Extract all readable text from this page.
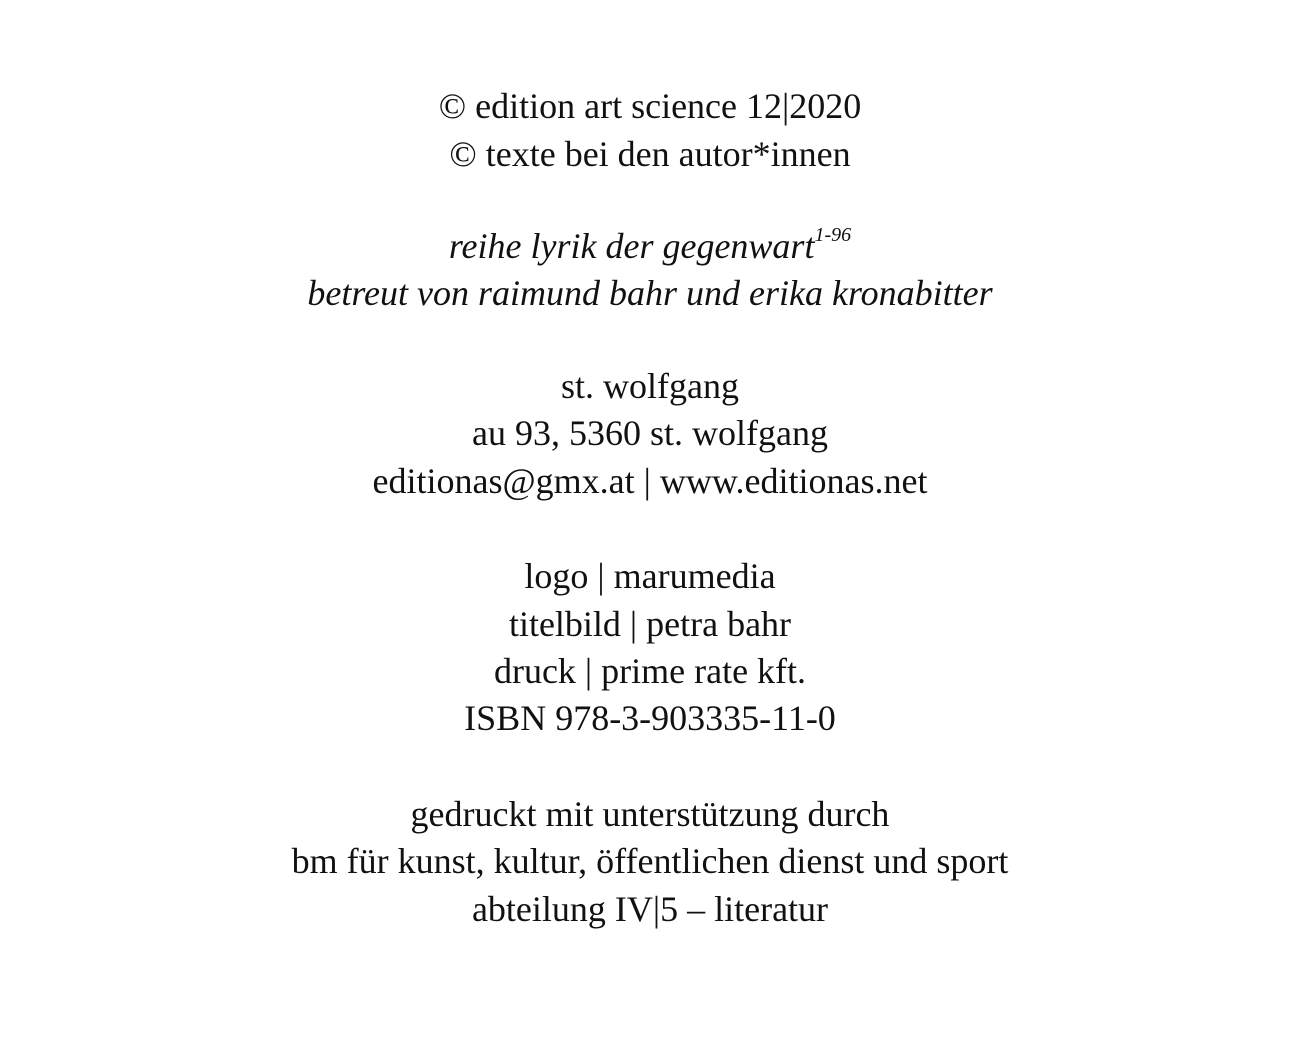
© edition art science 12|2020
© texte bei den autor*innen
reihe lyrik der gegenwart$^{1-96}$
betreut von raimund bahr und erika kronabitter
st. wolfgang
au 93, 5360 st. wolfgang
editionas@gmx.at | www.editionas.net
logo | marumedia
titelbild | petra bahr
druck | prime rate kft.
ISBN 978-3-903335-11-0
gedruckt mit unterstützung durch
bm für kunst, kultur, öffentlichen dienst und sport
abteilung IV|5 – literatur
